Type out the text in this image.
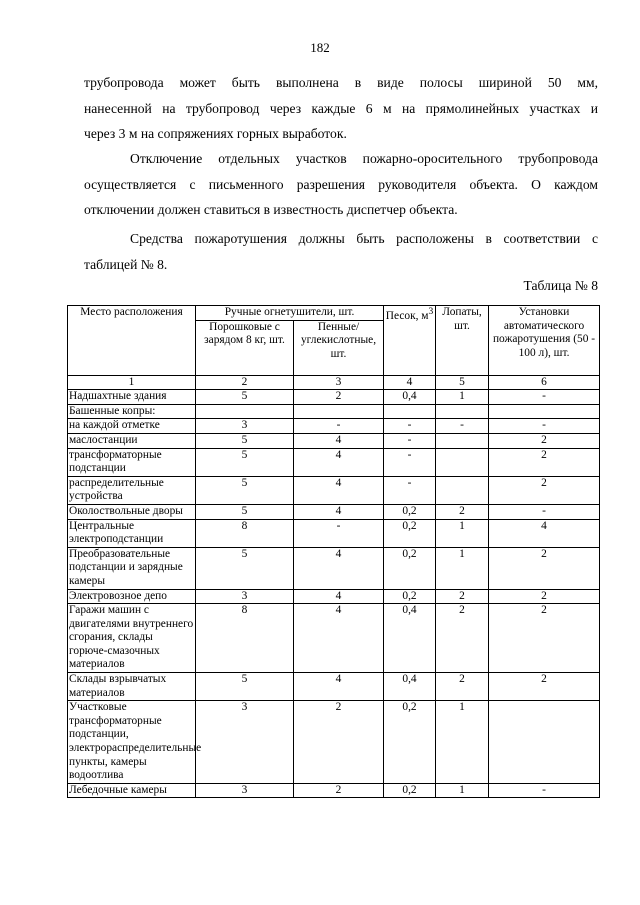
182
трубопровода может быть выполнена в виде полосы шириной 50 мм,
нанесенной на трубопровод через каждые 6 м на прямолинейных участках и
через 3 м на сопряжениях горных выработок.
Отключение отдельных участков пожарно-оросительного трубопровода
осуществляется с письменного разрешения руководителя объекта. О каждом
отключении должен ставиться в известность диспетчер объекта.
Средства пожаротушения должны быть расположены в соответствии с
таблицей № 8.
Таблица № 8
Место расположения	Ручные огнетушители, шт.		Песок, $м^3$	Лопаты, шт.	Установки автоматического пожаротушения (50 - 100 л), шт.
	Порошковые с зарядом 8 кг, шт.	Пенные/ углекислотные, шт.			
1	2	3	4	5	6
Надшахтные здания	5	2	0,4	1	-
Башенные копры:					
на каждой отметке	3	-	-	-	-
маслостанции	5	4	-		2
трансформаторные подстанции	5	4	-		2
распределительные устройства	5	4	-		2
Околоствольные дворы	5	4	0,2	2	-
Центральные электроподстанции	8	-	0,2	1	4
Преобразовательные подстанции и зарядные камеры	5	4	0,2	1	2
Электровозное депо	3	4	0,2	2	2
Гаражи машин с двигателями внутреннего сгорания, склады горюче-смазочных материалов	8	4	0,4	2	2
Склады взрывчатых материалов	5	4	0,4	2	2
Участковые трансформаторные подстанции, электрораспределительные пункты, камеры водоотлива	3	2	0,2	1	
Лебедочные камеры	3	2	0,2	1	-
